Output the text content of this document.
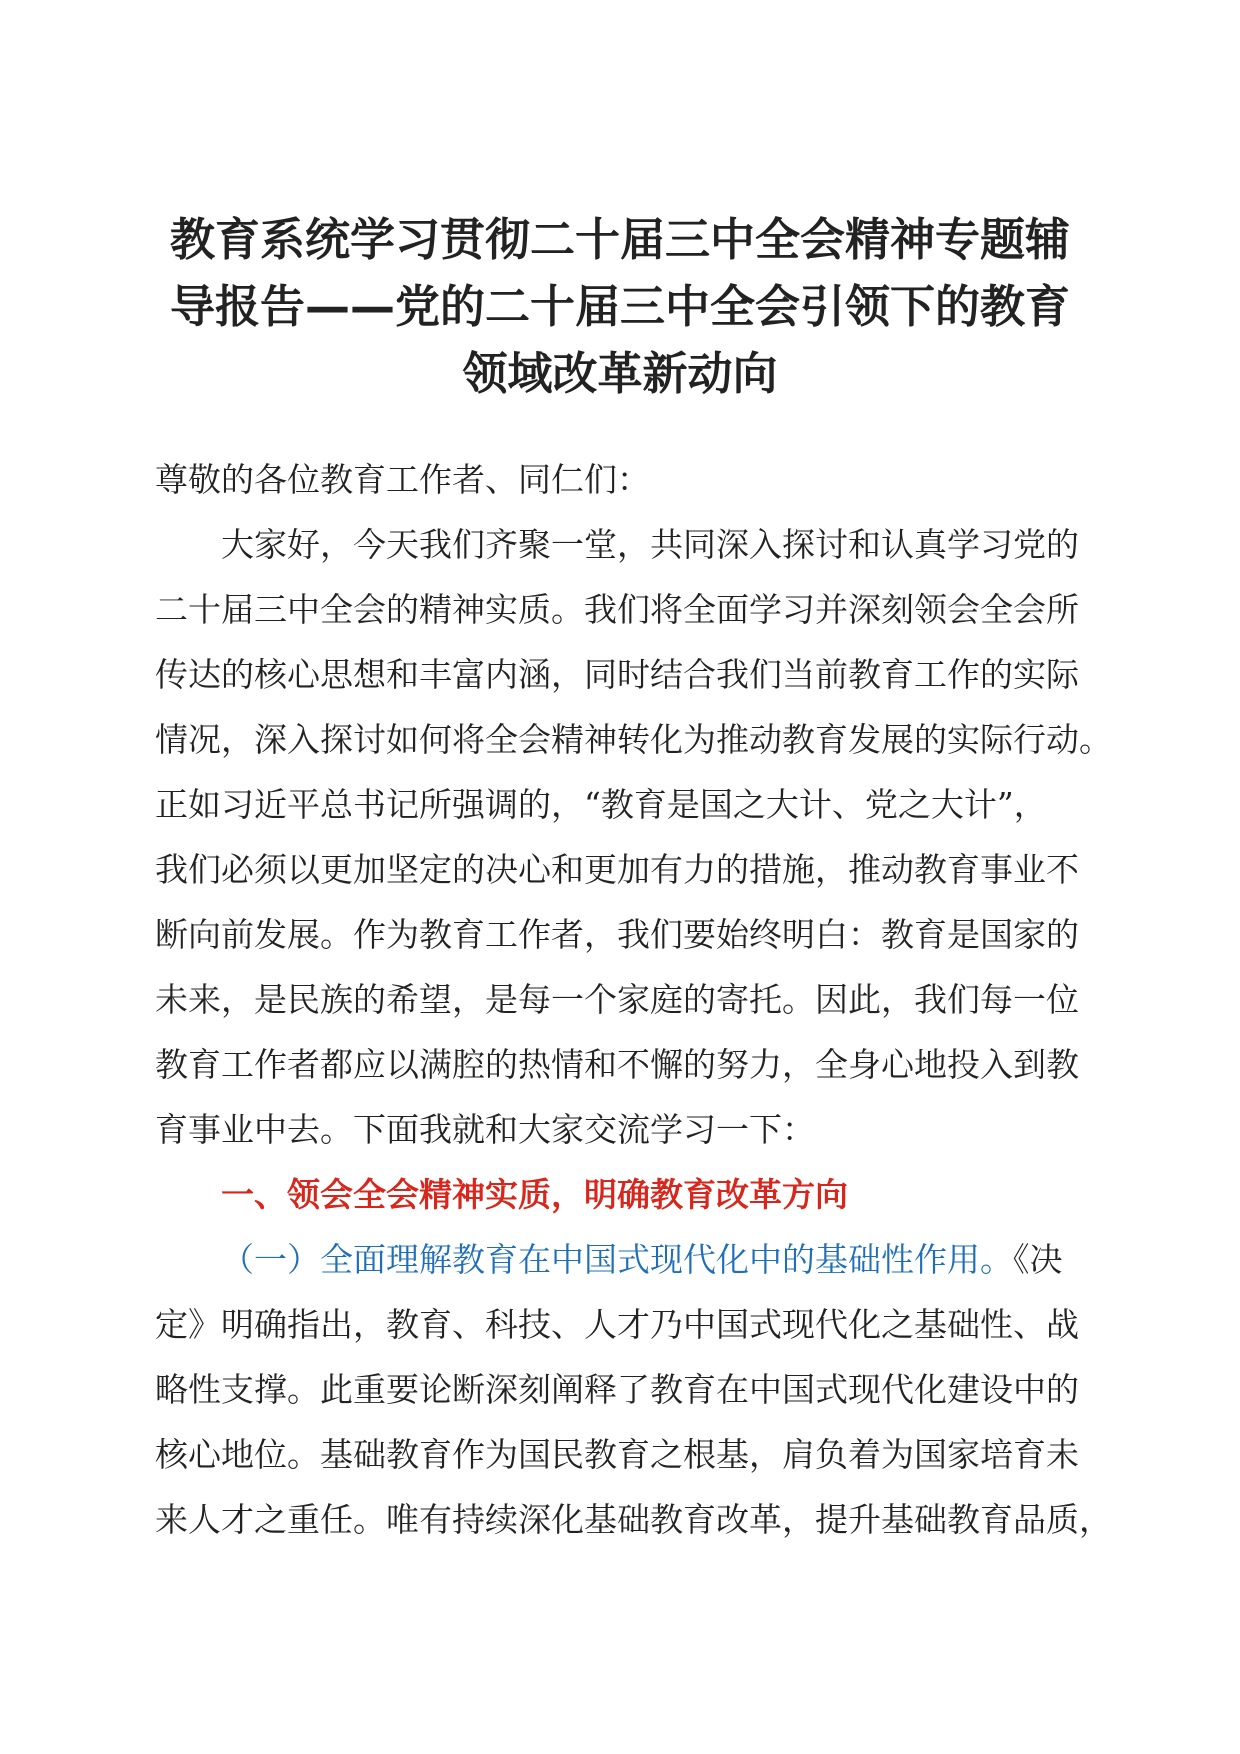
教育系统学习贯彻二十届三中全会精神专题辅
导报告——党的二十届三中全会引领下的教育
领域改革新动向
尊敬的各位教育工作者、同仁们：
大家好，今天我们齐聚一堂，共同深入探讨和认真学习党的
二十届三中全会的精神实质。我们将全面学习并深刻领会全会所
传达的核心思想和丰富内涵，同时结合我们当前教育工作的实际
情况，深入探讨如何将全会精神转化为推动教育发展的实际行动。
正如习近平总书记所强调的，“教育是国之大计、党之大计”，
我们必须以更加坚定的决心和更加有力的措施，推动教育事业不
断向前发展。作为教育工作者，我们要始终明白：教育是国家的
未来，是民族的希望，是每一个家庭的寄托。因此，我们每一位
教育工作者都应以满腔的热情和不懈的努力，全身心地投入到教
育事业中去。下面我就和大家交流学习一下：
一、领会全会精神实质，明确教育改革方向
（一）全面理解教育在中国式现代化中的基础性作用。《决
定》明确指出，教育、科技、人才乃中国式现代化之基础性、战
略性支撑。此重要论断深刻阐释了教育在中国式现代化建设中的
核心地位。基础教育作为国民教育之根基，肩负着为国家培育未
来人才之重任。唯有持续深化基础教育改革，提升基础教育品质，
